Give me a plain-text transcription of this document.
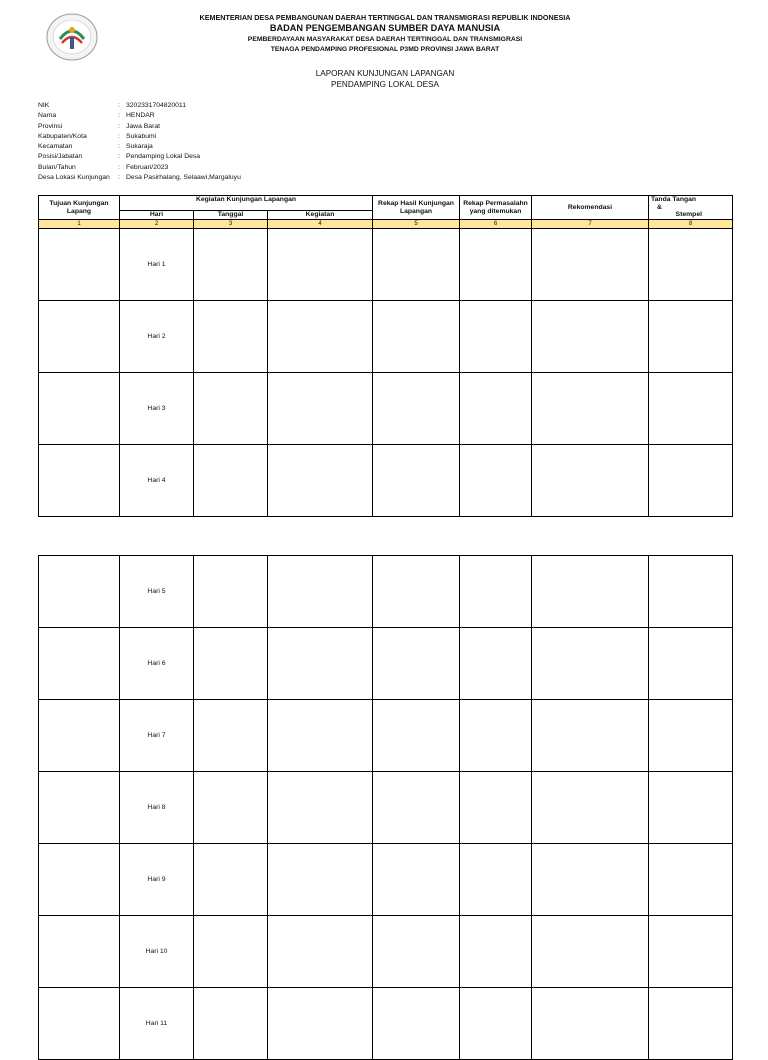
KEMENTERIAN DESA PEMBANGUNAN DAERAH TERTINGGAL DAN TRANSMIGRASI REPUBLIK INDONESIA
BADAN PENGEMBANGAN SUMBER DAYA MANUSIA
PEMBERDAYAAN MASYARAKAT DESA DAERAH TERTINGGAL DAN TRANSMIGRASI
TENAGA PENDAMPING PROFESIONAL P3MD PROVINSI JAWA BARAT
LAPORAN KUNJUNGAN LAPANGAN
PENDAMPING LOKAL DESA
NIK	: 3202331704820011
Nama	: HENDAR
Provinsi	: Jawa Barat
Kabupaten/Kota	: Sukabumi
Kecamatan	: Sukaraja
Posisi/Jabatan	: Pendamping Lokal Desa
Bulan/Tahun	: Februari/2023
Desa Lokasi Kunjungan	: Desa Pasirhalang, Selaawi,Margaluyu
Tujuan Kunjungan Lapang	Kegiatan Kunjungan Lapangan			Rekap Hasil Kunjungan Lapangan	Rekap Permasalahn yang ditemukan	Rekomendasi	Tanda Tangan
&
Stempel

	Hari	Tanggal	Kegiatan				
1	2	3	4	5	6	7	8
	Hari 1						
	Hari 2						
	Hari 3						
	Hari 4						
	Hari 5						
	Hari 6						
	Hari 7						
	Hari 8						
	Hari 9						
	Hari 10						
	Hari 11						
